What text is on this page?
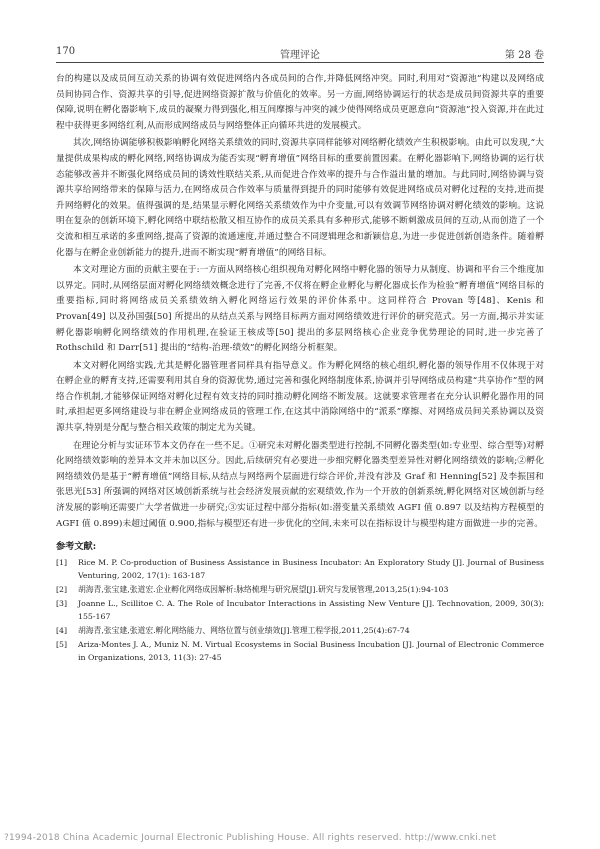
170	管理评论	第 28 卷

台的构建以及成员间互动关系的协调有效促进网络内各成员间的合作,并降低网络冲突。同时,利用对“资源池”构建以及网络成员间协同合作、资源共享的引导,促进网络资源扩散与价值化的效率。另一方面,网络协调运行的状态是成员间资源共享的重要保障,说明在孵化器影响下,成员的凝聚力得到强化,相互间摩擦与冲突的减少使得网络成员更愿意向“资源池”投入资源,并在此过程中获得更多网络红利,从而形成网络成员与网络整体正向循环共进的发展模式。

其次,网络协调能够积极影响孵化网络关系绩效的同时,资源共享同样能够对网络孵化绩效产生积极影响。由此可以发现,“大量提供成果构成的孵化网络,网络协调成为能否实现“孵育增值”网络目标的重要前置因素。在孵化器影响下,网络协调的运行状态能够改善并不断强化网络成员间的诱效性联结关系,从而促进合作效率的提升与合作溢出量的增加。与此同时,网络协调与资源共享给网络带来的保障与活力,在网络成员合作效率与质量得到提升的同时能够有效促进网络成员对孵化过程的支持,进而提升网络孵化的效果。值得强调的是,结果显示孵化网络关系绩效作为中介变量,可以有效调节网络协调对孵化绩效的影响。这说明在复杂的创新环境下,孵化网络中联结松散又相互协作的成员关系具有多种形式,能够不断刺激成员间的互动,从而创造了一个交流和相互承诺的多重网络,提高了资源的流通速度,并通过整合不同逻辑理念和新颖信息,为进一步促进创新创造条件。随着孵化器与在孵企业创新能力的提升,进而不断实现“孵育增值”的网络目标。

本文对理论方面的贡献主要在于:一方面从网络核心组织视角对孵化网络中孵化器的领导力从制度、协调和平台三个维度加以界定。同时,从网络层面对孵化网络绩效概念进行了完善,不仅将在孵企业孵化与孵化器成长作为检验“孵育增值”网络目标的重要指标,同时将网络成员关系绩效纳入孵化网络运行效果的评价体系中。这同样符合 Provan 等[48]、Kenis 和 Provan[49] 以及孙国强[50] 所提出的从结点关系与网络目标两方面对网络绩效进行评价的研究范式。另一方面,揭示并实证孵化器影响孵化网络绩效的作用机理,在验证王核成等[50] 提出的多层网络核心企业竞争优势理论的同时,进一步完善了 Rothschild 和 Darr[51] 提出的“结构-治理-绩效”的孵化网络分析框架。

本文对孵化网络实践,尤其是孵化器管理者同样具有指导意义。作为孵化网络的核心组织,孵化器的领导作用不仅体现于对在孵企业的孵育支持,还需要利用其自身的资源优势,通过完善和强化网络制度体系,协调并引导网络成员构建“共享协作”型的网络合作机制,才能够保证网络对孵化过程有效支持的同时推动孵化网络不断发展。这就要求管理者在充分认识孵化器作用的同时,承担起更多网络建设与非在孵企业网络成员的管理工作,在这其中消除网络中的“派系”摩擦、对网络成员间关系协调以及资源共享,特别是分配与整合相关政策的制定尤为关键。

在理论分析与实证环节本文仍存在一些不足。①研究未对孵化器类型进行控制,不同孵化器类型(如:专业型、综合型等)对孵化网络绩效影响的差异本文并未加以区分。因此,后续研究有必要进一步细究孵化器类型差异性对孵化网络绩效的影响;②孵化网络绩效仍是基于“孵育增值”网络目标,从结点与网络两个层面进行综合评价,并没有涉及 Graf 和 Henning[52] 及李振国和张思光[53] 所强调的网络对区域创新系统与社会经济发展贡献的宏观绩效,作为一个开放的创新系统,孵化网络对区域创新与经济发展的影响还需要广大学者做进一步研究;③实证过程中部分指标(如:潜变量关系绩效 AGFI 值 0.897 以及结构方程模型的 AGFI 值 0.899)未超过阈值 0.900,指标与模型还有进一步优化的空间,未来可以在指标设计与模型构建方面做进一步的完善。

参考文献:
[1]	Rice M. P. Co-production of Business Assistance in Business Incubator: An Exploratory Study [J]. Journal of Business Venturing, 2002, 17(1): 163-187
[2]	胡海青,张宝建,张道宏.企业孵化网络成因解析:脉络梳理与研究展望[J].研究与发展管理,2013,25(1):94-103
[3]	Joanne L., Scillitoe C. A. The Role of Incubator Interactions in Assisting New Venture [J]. Technovation, 2009, 30(3): 155-167
[4]	胡海青,张宝建,张道宏.孵化网络能力、网络位置与创业绩效[J].管理工程学报,2011,25(4):67-74
[5]	Ariza-Montes J. A., Muniz N. M. Virtual Ecosystems in Social Business Incubation [J]. Journal of Electronic Commerce in Organizations, 2013, 11(3): 27-45
?1994-2018 China Academic Journal Electronic Publishing House. All rights reserved. http://www.cnki.net
